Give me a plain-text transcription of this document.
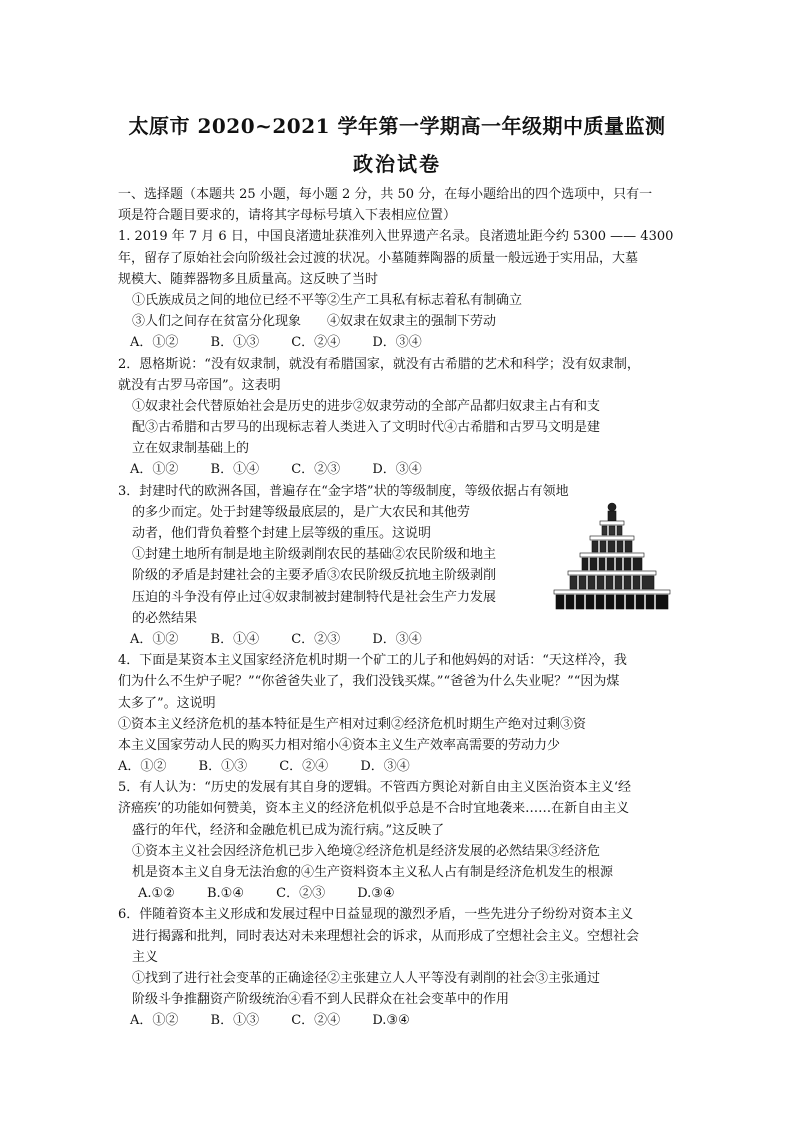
太原市 2020~2021 学年第一学期高一年级期中质量监测
政治试卷
一、选择题（本题共 25 小题，每小题 2 分，共 50 分，在每小题给出的四个选项中，只有一
项是符合题目要求的，请将其字母标号填入下表相应位置）
1. 2019 年 7 月 6 日，中国良渚遗址获准列入世界遗产名录。良渚遗址距今约 5300 —— 4300
年，留存了原始社会向阶级社会过渡的状况。小墓随葬陶器的质量一般远逊于实用品，大墓
规模大、随葬器物多且质量高。这反映了当时
①氏族成员之间的地位已经不平等②生产工具私有标志着私有制确立
③人们之间存在贫富分化现象　　④奴隶在奴隶主的强制下劳动
A．①② B．①③ C．②④ D．③④
2．恩格斯说：“没有奴隶制，就没有希腊国家，就没有古希腊的艺术和科学；没有奴隶制，
就没有古罗马帝国”。这表明
①奴隶社会代替原始社会是历史的进步②奴隶劳动的全部产品都归奴隶主占有和支
配③古希腊和古罗马的出现标志着人类进入了文明时代④古希腊和古罗马文明是建
立在奴隶制基础上的
A．①② B．①④ C．②③ D．③④
3．封建时代的欧洲各国，普遍存在“金字塔”状的等级制度，等级依据占有领地
的多少而定。处于封建等级最底层的，是广大农民和其他劳
动者，他们背负着整个封建上层等级的重压。这说明
①封建土地所有制是地主阶级剥削农民的基础②农民阶级和地主
阶级的矛盾是封建社会的主要矛盾③农民阶级反抗地主阶级剥削
压迫的斗争没有停止过④奴隶制被封建制特代是社会生产力发展
的必然结果
A．①② B．①④ C．②③ D．③④
4．下面是某资本主义国家经济危机时期一个矿工的儿子和他妈妈的对话：“天这样冷，我
们为什么不生炉子呢？”“你爸爸失业了，我们没钱买煤。”“爸爸为什么失业呢？”“因为煤
太多了”。这说明
①资本主义经济危机的基本特征是生产相对过剩②经济危机时期生产绝对过剩③资
本主义国家劳动人民的购买力相对缩小④资本主义生产效率高需要的劳动力少
A．①② B．①③ C．②④ D．③④
5．有人认为：“历史的发展有其自身的逻辑。不管西方舆论对新自由主义医治资本主义‘经
济癌疾’的功能如何赞美，资本主义的经济危机似乎总是不合时宜地袭来……在新自由主义
盛行的年代，经济和金融危机已成为流行病。”这反映了
①资本主义社会因经济危机已步入绝境②经济危机是经济发展的必然结果③经济危
机是资本主义自身无法治愈的④生产资料资本主义私人占有制是经济危机发生的根源
A.①② B.①④ C．②③ D.③④
6．伴随着资本主义形成和发展过程中日益显现的激烈矛盾，一些先进分子纷纷对资本主义
进行揭露和批判，同时表达对未来理想社会的诉求，从而形成了空想社会主义。空想社会
主义
①找到了进行社会变革的正确途径②主张建立人人平等没有剥削的社会③主张通过
阶级斗争推翻资产阶级统治④看不到人民群众在社会变革中的作用
A．①② B．①③ C．②④ D.③④
